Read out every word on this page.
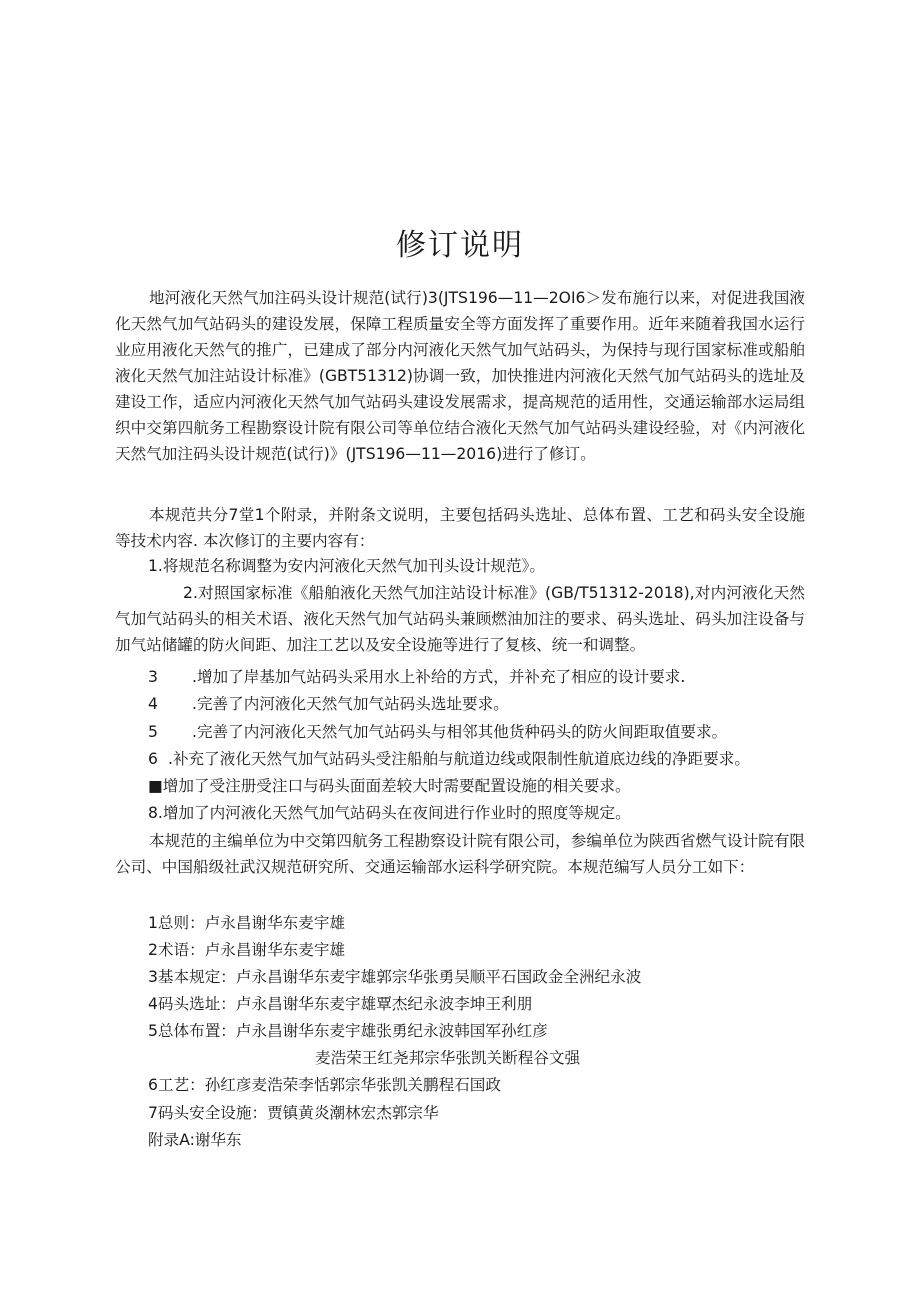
修订说明
地河液化天然气加注码头设计规范(试行)3(JTS196—11—2OI6＞发布施行以来，对促进我国液化天然气加气站码头的建设发展，保障工程质量安全等方面发挥了重要作用。近年来随着我国水运行业应用液化天然气的推广，已建成了部分内河液化天然气加气站码头，为保持与现行国家标准或船舶液化天然气加注站设计标准》(GBT51312)协调一致，加快推进内河液化天然气加气站码头的选址及建设工作，适应内河液化天然气加气站码头建设发展需求，提高规范的适用性，交通运输部水运局组织中交第四航务工程勘察设计院有限公司等单位结合液化天然气加气站码头建设经验，对《内河液化天然气加注码头设计规范(试行)》(JTS196—11—2016)进行了修订。
本规范共分7堂1个附录，并附条文说明，主要包括码头选址、总体布置、工艺和码头安全设施等技术内容. 本次修订的主要内容有：
1.将规范名称调整为安内河液化天然气加刊头设计规范》。
2.对照国家标准《船舶液化天然气加注站设计标准》(GB/T51312-2018),对内河液化天然气加气站码头的相关术语、液化天然气加气站码头兼顾燃油加注的要求、码头选址、码头加注设备与加气站储罐的防火间距、加注工艺以及安全设施等进行了复核、统一和调整。
3 .增加了岸基加气站码头采用水上补给的方式，并补充了相应的设计要求.
4 .完善了内河液化天然气加气站码头选址要求。
5 .完善了内河液化天然气加气站码头与相邻其他货种码头的防火间距取值要求。
6 .补充了液化天然气加气站码头受注船舶与航道边线或限制性航道底边线的净距要求。
■增加了受注册受注口与码头面面差较大时需要配置设施的相关要求。
8.增加了内河液化天然气加气站码头在夜间进行作业时的照度等规定。
本规范的主编单位为中交第四航务工程勘察设计院有限公司，参编单位为陕西省燃气设计院有限公司、中国船级社武汉规范研究所、交通运输部水运科学研究院。本规范编写人员分工如下：
1总则：卢永昌谢华东麦宇雄
2术语：卢永昌谢华东麦宇雄
3基本规定：卢永昌谢华东麦宇雄郭宗华张勇吴顺平石国政金全洲纪永波
4码头选址：卢永昌谢华东麦宇雄覃杰纪永波李坤王利朋
5总体布置：卢永昌谢华东麦宇雄张勇纪永波韩国军孙红彦
麦浩荣王红尧邦宗华张凯关断程谷文强
6工艺：孙红彦麦浩荣李恬郭宗华张凯关鹏程石国政
7码头安全设施：贾镇黄炎潮林宏杰郭宗华
附录A:谢华东
